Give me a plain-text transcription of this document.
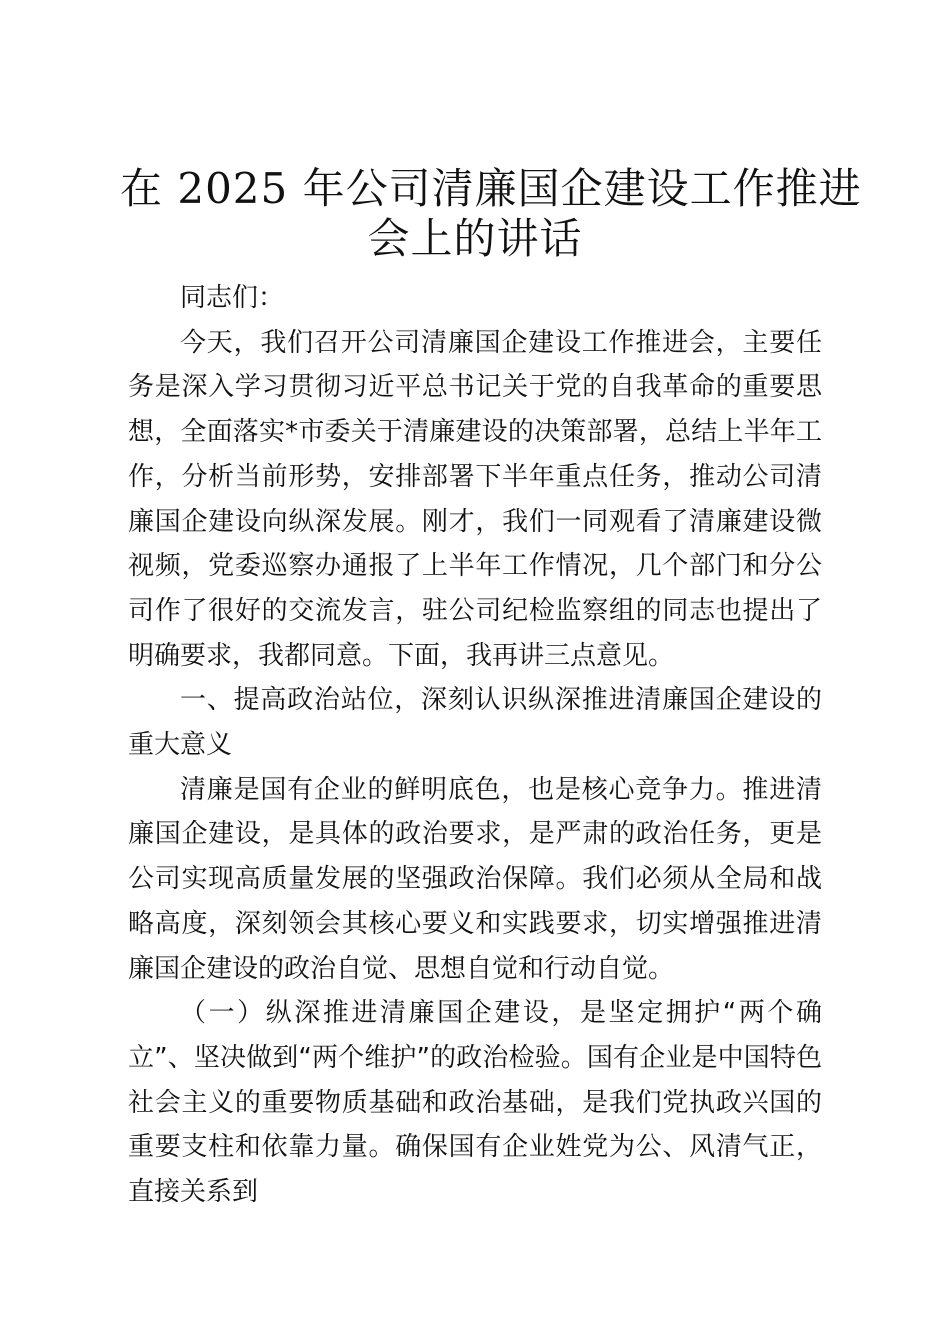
在 2025 年公司清廉国企建设工作推进
会上的讲话

同志们：

今天，我们召开公司清廉国企建设工作推进会，主要任务是深入学习贯彻习近平总书记关于党的自我革命的重要思想，全面落实*市委关于清廉建设的决策部署，总结上半年工作，分析当前形势，安排部署下半年重点任务，推动公司清廉国企建设向纵深发展。刚才，我们一同观看了清廉建设微视频，党委巡察办通报了上半年工作情况，几个部门和分公司作了很好的交流发言，驻公司纪检监察组的同志也提出了明确要求，我都同意。下面，我再讲三点意见。

一、提高政治站位，深刻认识纵深推进清廉国企建设的重大意义

清廉是国有企业的鲜明底色，也是核心竞争力。推进清廉国企建设，是具体的政治要求，是严肃的政治任务，更是公司实现高质量发展的坚强政治保障。我们必须从全局和战略高度，深刻领会其核心要义和实践要求，切实增强推进清廉国企建设的政治自觉、思想自觉和行动自觉。

（一）纵深推进清廉国企建设，是坚定拥护“两个确立”、坚决做到“两个维护”的政治检验。国有企业是中国特色社会主义的重要物质基础和政治基础，是我们党执政兴国的重要支柱和依靠力量。确保国有企业姓党为公、风清气正，直接关系到
